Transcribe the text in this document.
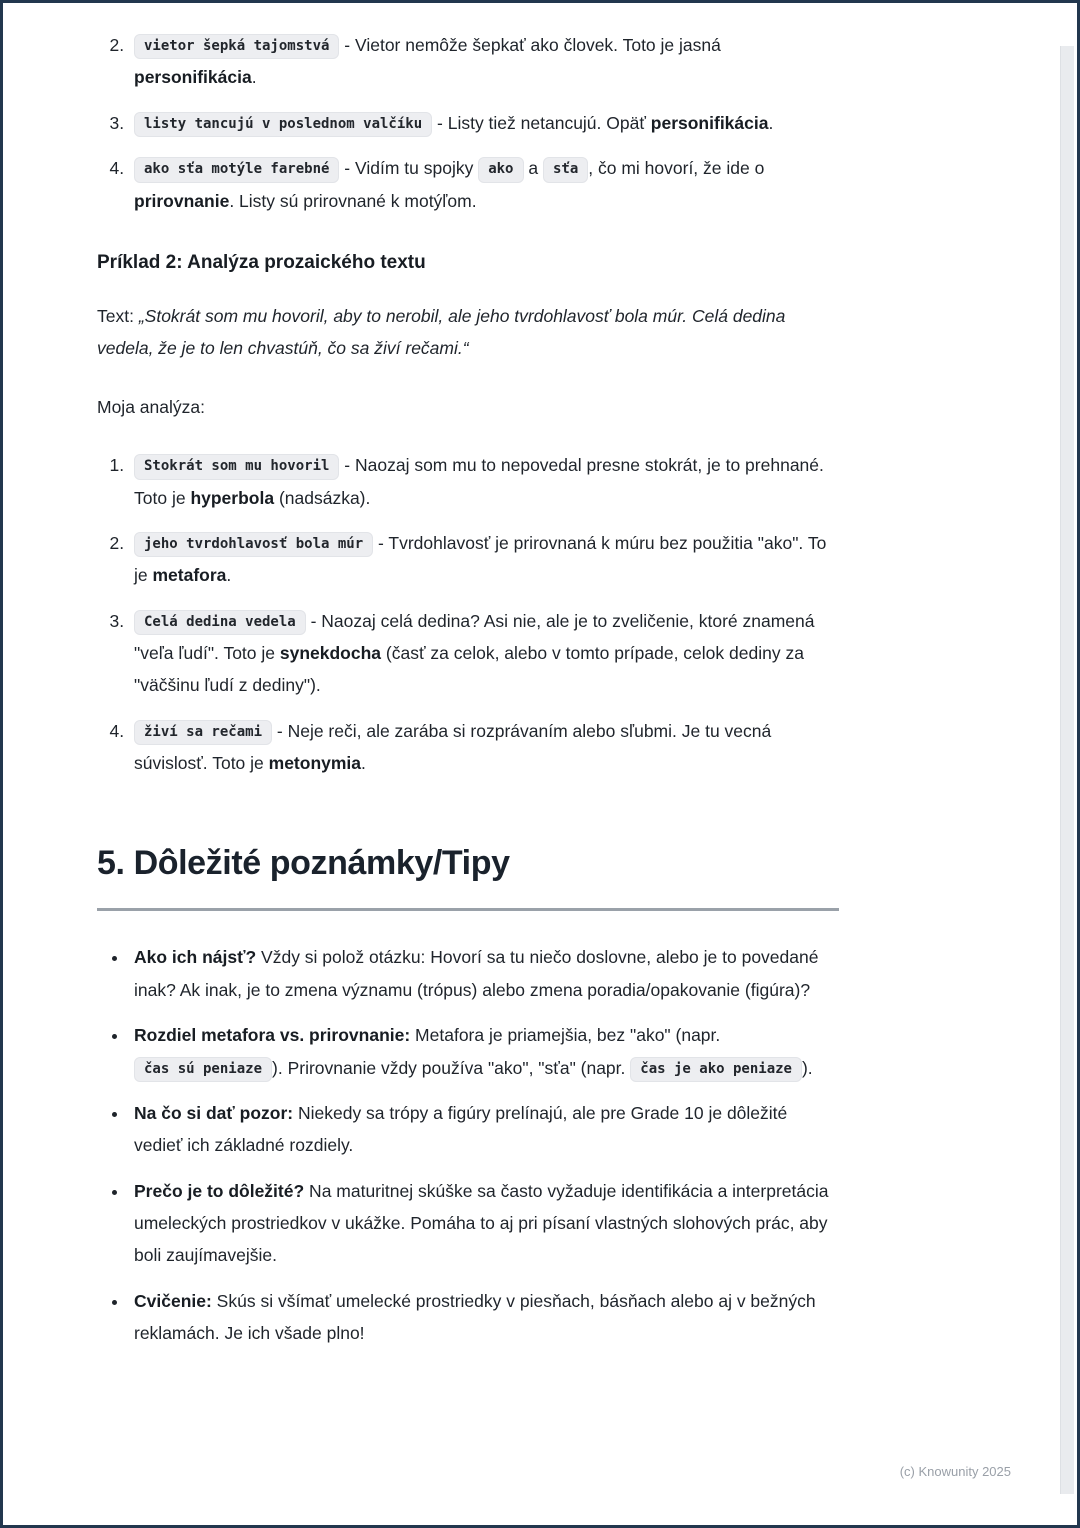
2. vietor šepká tajomstvá - Vietor nemôže šepkať ako človek. Toto je jasná personifikácia.
3. listy tancujú v poslednom valčíku - Listy tiež netancujú. Opäť personifikácia.
4. ako sťa motýle farebné - Vidím tu spojky ako a sťa , čo mi hovorí, že ide o prirovnanie. Listy sú prirovnané k motýľom.
Príklad 2: Analýza prozaického textu

Text: „Stokrát som mu hovoril, aby to nerobil, ale jeho tvrdohlavosť bola múr. Celá dedina vedela, že je to len chvastúň, čo sa živí rečami.“

Moja analýza:

1. Stokrát som mu hovoril - Naozaj som mu to nepovedal presne stokrát, je to prehnané. Toto je hyperbola (nadsázka).
2. jeho tvrdohlavosť bola múr - Tvrdohlavosť je prirovnaná k múru bez použitia "ako". To je metafora.
3. Celá dedina vedela - Naozaj celá dedina? Asi nie, ale je to zveličenie, ktoré znamená "veľa ľudí". Toto je synekdocha (časť za celok, alebo v tomto prípade, celok dediny za "väčšinu ľudí z dediny").
4. živí sa rečami - Neje reči, ale zarába si rozprávaním alebo sľubmi. Je tu vecná súvislosť. Toto je metonymia.
5. Dôležité poznámky/Tipy
• Ako ich nájsť? Vždy si polož otázku: Hovorí sa tu niečo doslovne, alebo je to povedané inak? Ak inak, je to zmena významu (trópus) alebo zmena poradia/opakovanie (figúra)?
• Rozdiel metafora vs. prirovnanie: Metafora je priamejšia, bez "ako" (napr. čas sú peniaze ). Prirovnanie vždy používa "ako", "sťa" (napr. čas je ako peniaze ).
• Na čo si dať pozor: Niekedy sa trópy a figúry prelínajú, ale pre Grade 10 je dôležité vedieť ich základné rozdiely.
• Prečo je to dôležité? Na maturitnej skúške sa často vyžaduje identifikácia a interpretácia umeleckých prostriedkov v ukážke. Pomáha to aj pri písaní vlastných slohových prác, aby boli zaujímavejšie.
• Cvičenie: Skús si všímať umelecké prostriedky v piesňach, básňach alebo aj v bežných reklamách. Je ich všade plno!
(c) Knowunity 2025
